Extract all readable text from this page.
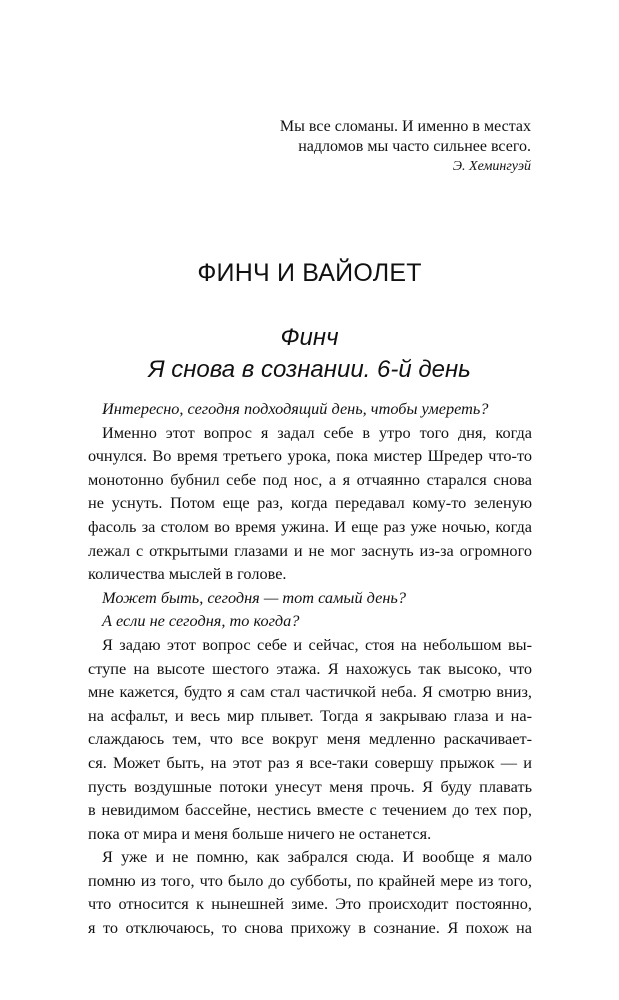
Мы все сломаны. И именно в местах
надломов мы часто сильнее всего.
Э. Хемингуэй
ФИНЧ И ВАЙОЛЕТ
Финч
Я снова в сознании. 6-й день
Интересно, сегодня подходящий день, чтобы умереть?
Именно этот вопрос я задал себе в утро того дня, когда
очнулся. Во время третьего урока, пока мистер Шредер что-то
монотонно бубнил себе под нос, а я отчаянно старался снова
не уснуть. Потом еще раз, когда передавал кому-то зеленую
фасоль за столом во время ужина. И еще раз уже ночью, когда
лежал с открытыми глазами и не мог заснуть из-за огромного
количества мыслей в голове.
Может быть, сегодня — тот самый день?
А если не сегодня, то когда?
Я задаю этот вопрос себе и сейчас, стоя на небольшом вы-
ступе на высоте шестого этажа. Я нахожусь так высоко, что
мне кажется, будто я сам стал частичкой неба. Я смотрю вниз,
на асфальт, и весь мир плывет. Тогда я закрываю глаза и на-
слаждаюсь тем, что все вокруг меня медленно раскачивает-
ся. Может быть, на этот раз я все-таки совершу прыжок — и
пусть воздушные потоки унесут меня прочь. Я буду плавать
в невидимом бассейне, нестись вместе с течением до тех пор,
пока от мира и меня больше ничего не останется.
Я уже и не помню, как забрался сюда. И вообще я мало
помню из того, что было до субботы, по крайней мере из того,
что относится к нынешней зиме. Это происходит постоянно,
я то отключаюсь, то снова прихожу в сознание. Я похож на
